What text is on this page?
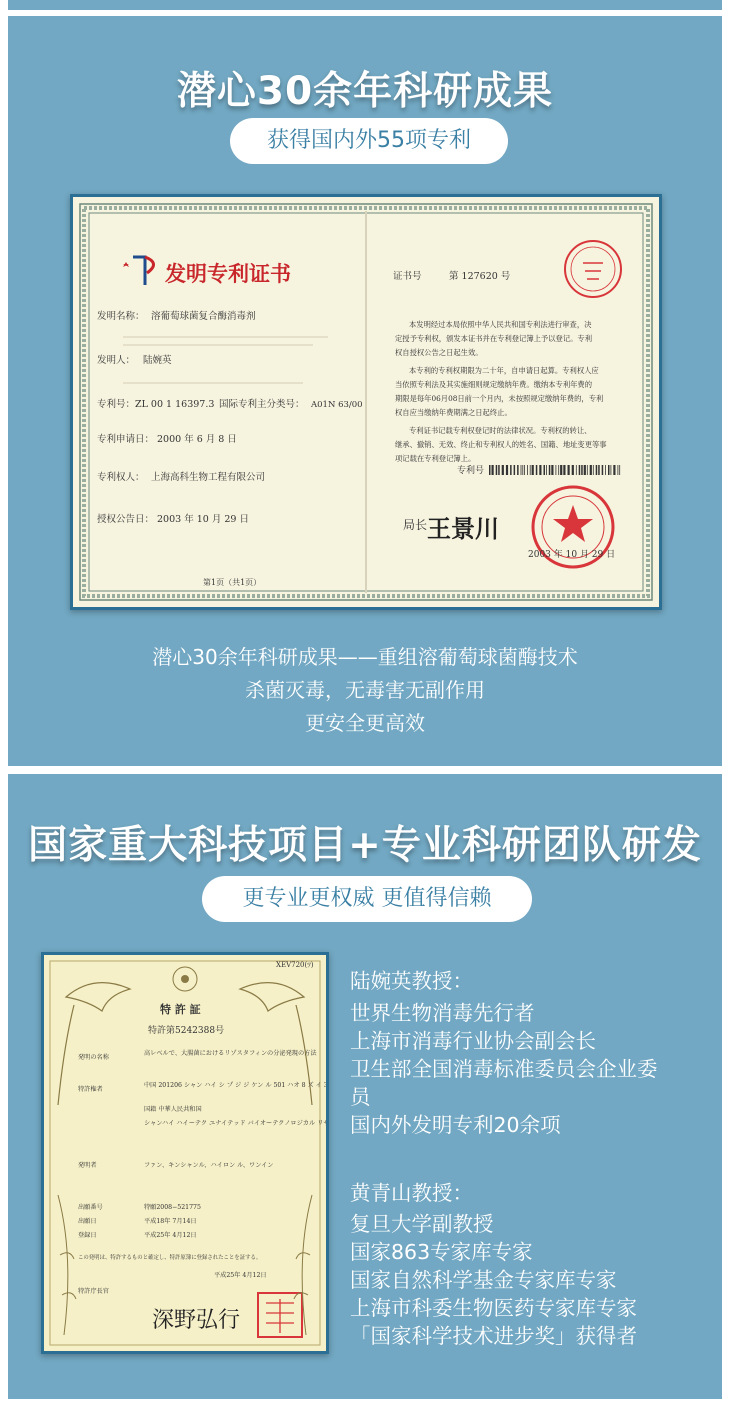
潜心30余年科研成果
获得国内外55项专利
发明专利证书
发明名称： 溶葡萄球菌复合酶消毒剂
发明人： 陆婉英
专利号： ZL 00 1 16397.3 国际专利主分类号： A01N 63/00
专利申请日： 2000 年 6 月 8 日
专利权人： 上海高科生物工程有限公司
授权公告日： 2003 年 10 月 29 日
第1页（共1页）
证书号	第 127620 号
本发明经过本局依照中华人民共和国专利法进行审查，决
定授予专利权，颁发本证书并在专利登记簿上予以登记。专利
权自授权公告之日起生效。
本专利的专利权期限为二十年，自申请日起算。专利权人应
当依照专利法及其实施细则规定缴纳年费。缴纳本专利年费的
期限是每年06月08日前一个月内，未按照规定缴纳年费的，专利
权自应当缴纳年费期满之日起终止。
专利证书记载专利权登记时的法律状况。专利权的转让、
继承、撤销、无效、终止和专利权人的姓名、国籍、地址变更等事
项记载在专利登记簿上。
专利号
局长 王景川
2003 年 10 月 29 日
潜心30余年科研成果——重组溶葡萄球菌酶技术
杀菌灭毒，无毒害无副作用
更安全更高效
国家重大科技项目+专业科研团队研发
更专业更权威 更值得信赖
XEV720(ﾂ)
特 許 証
特許第5242388号
発明の名称
高レベルで、大腸菌におけるリゾスタフィンの分泌発現の方法
特許権者
中国 201206 シャン ハイ シ プ ジ ジ ケン ル 501 ハオ 8 ズ イ 3 セン
国籍 中華人民共和国
シャンハイ ハイーテク ユナイテッド バイオーテクノロジカル リ
発明者	ファン、キンシャンル、ハイロン ル、ワンイン
出願番号	特願2008−521775
出願日	平成18年 7月14日
登録日	平成25年 4月12日
この発明は、特許するものと確定し、特許原簿に登録されたことを証する。
平成25年 4月12日
特許庁長官
深野弘行
陆婉英教授：
世界生物消毒先行者
上海市消毒行业协会副会长
卫生部全国消毒标准委员会企业委
员
国内外发明专利20余项
黄青山教授：
复旦大学副教授
国家863专家库专家
国家自然科学基金专家库专家
上海市科委生物医药专家库专家
「国家科学技术进步奖」获得者
